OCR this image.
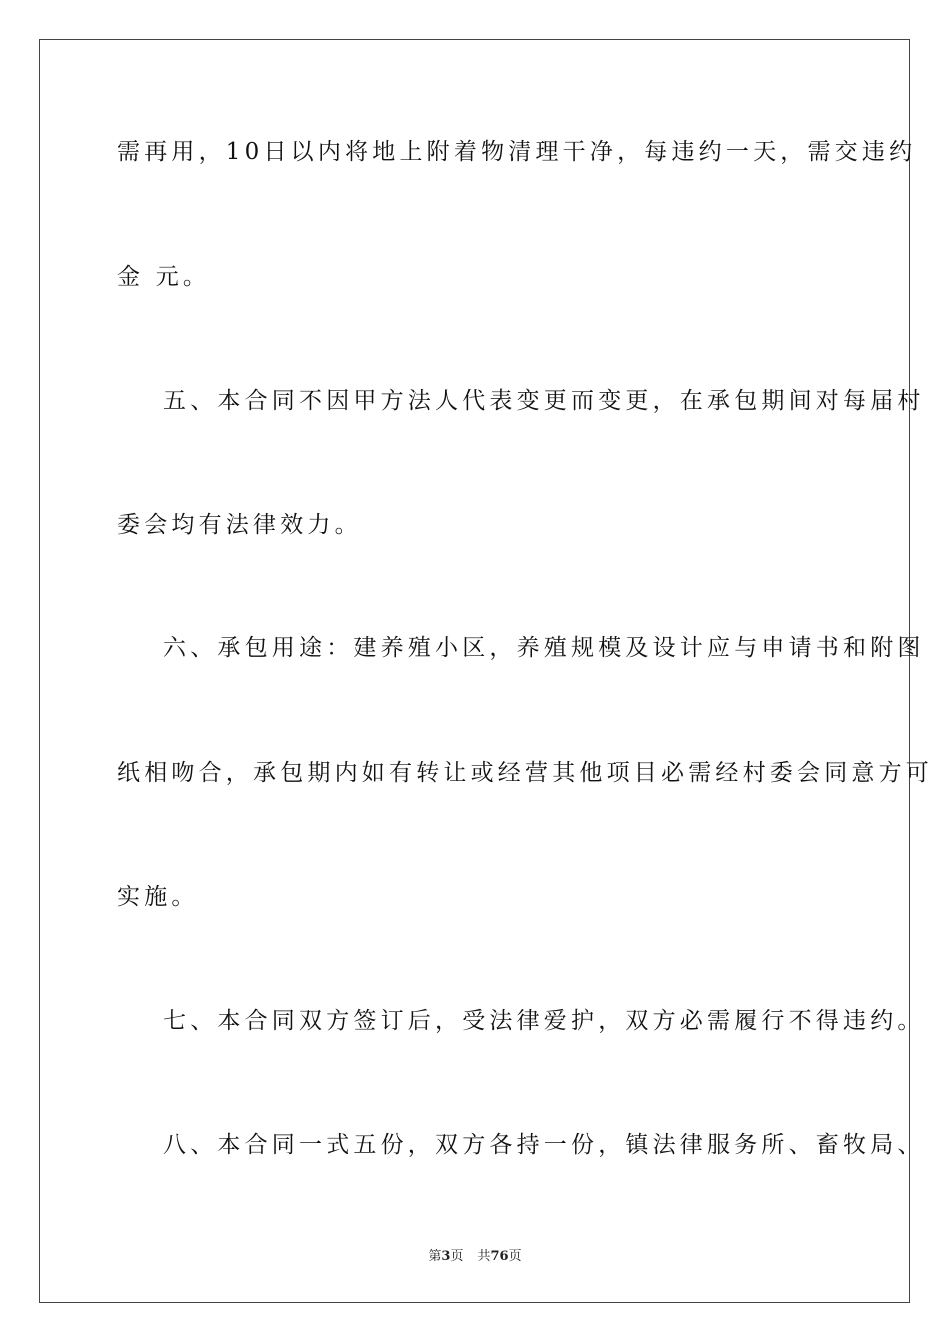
需再用，10日以内将地上附着物清理干净，每违约一天，需交违约
金 元。
五、本合同不因甲方法人代表变更而变更，在承包期间对每届村
委会均有法律效力。
六、承包用途：建养殖小区，养殖规模及设计应与申请书和附图
纸相吻合，承包期内如有转让或经营其他项目必需经村委会同意方可
实施。
七、本合同双方签订后，受法律爱护，双方必需履行不得违约。
八、本合同一式五份，双方各持一份，镇法律服务所、畜牧局、
第3页 共76页
